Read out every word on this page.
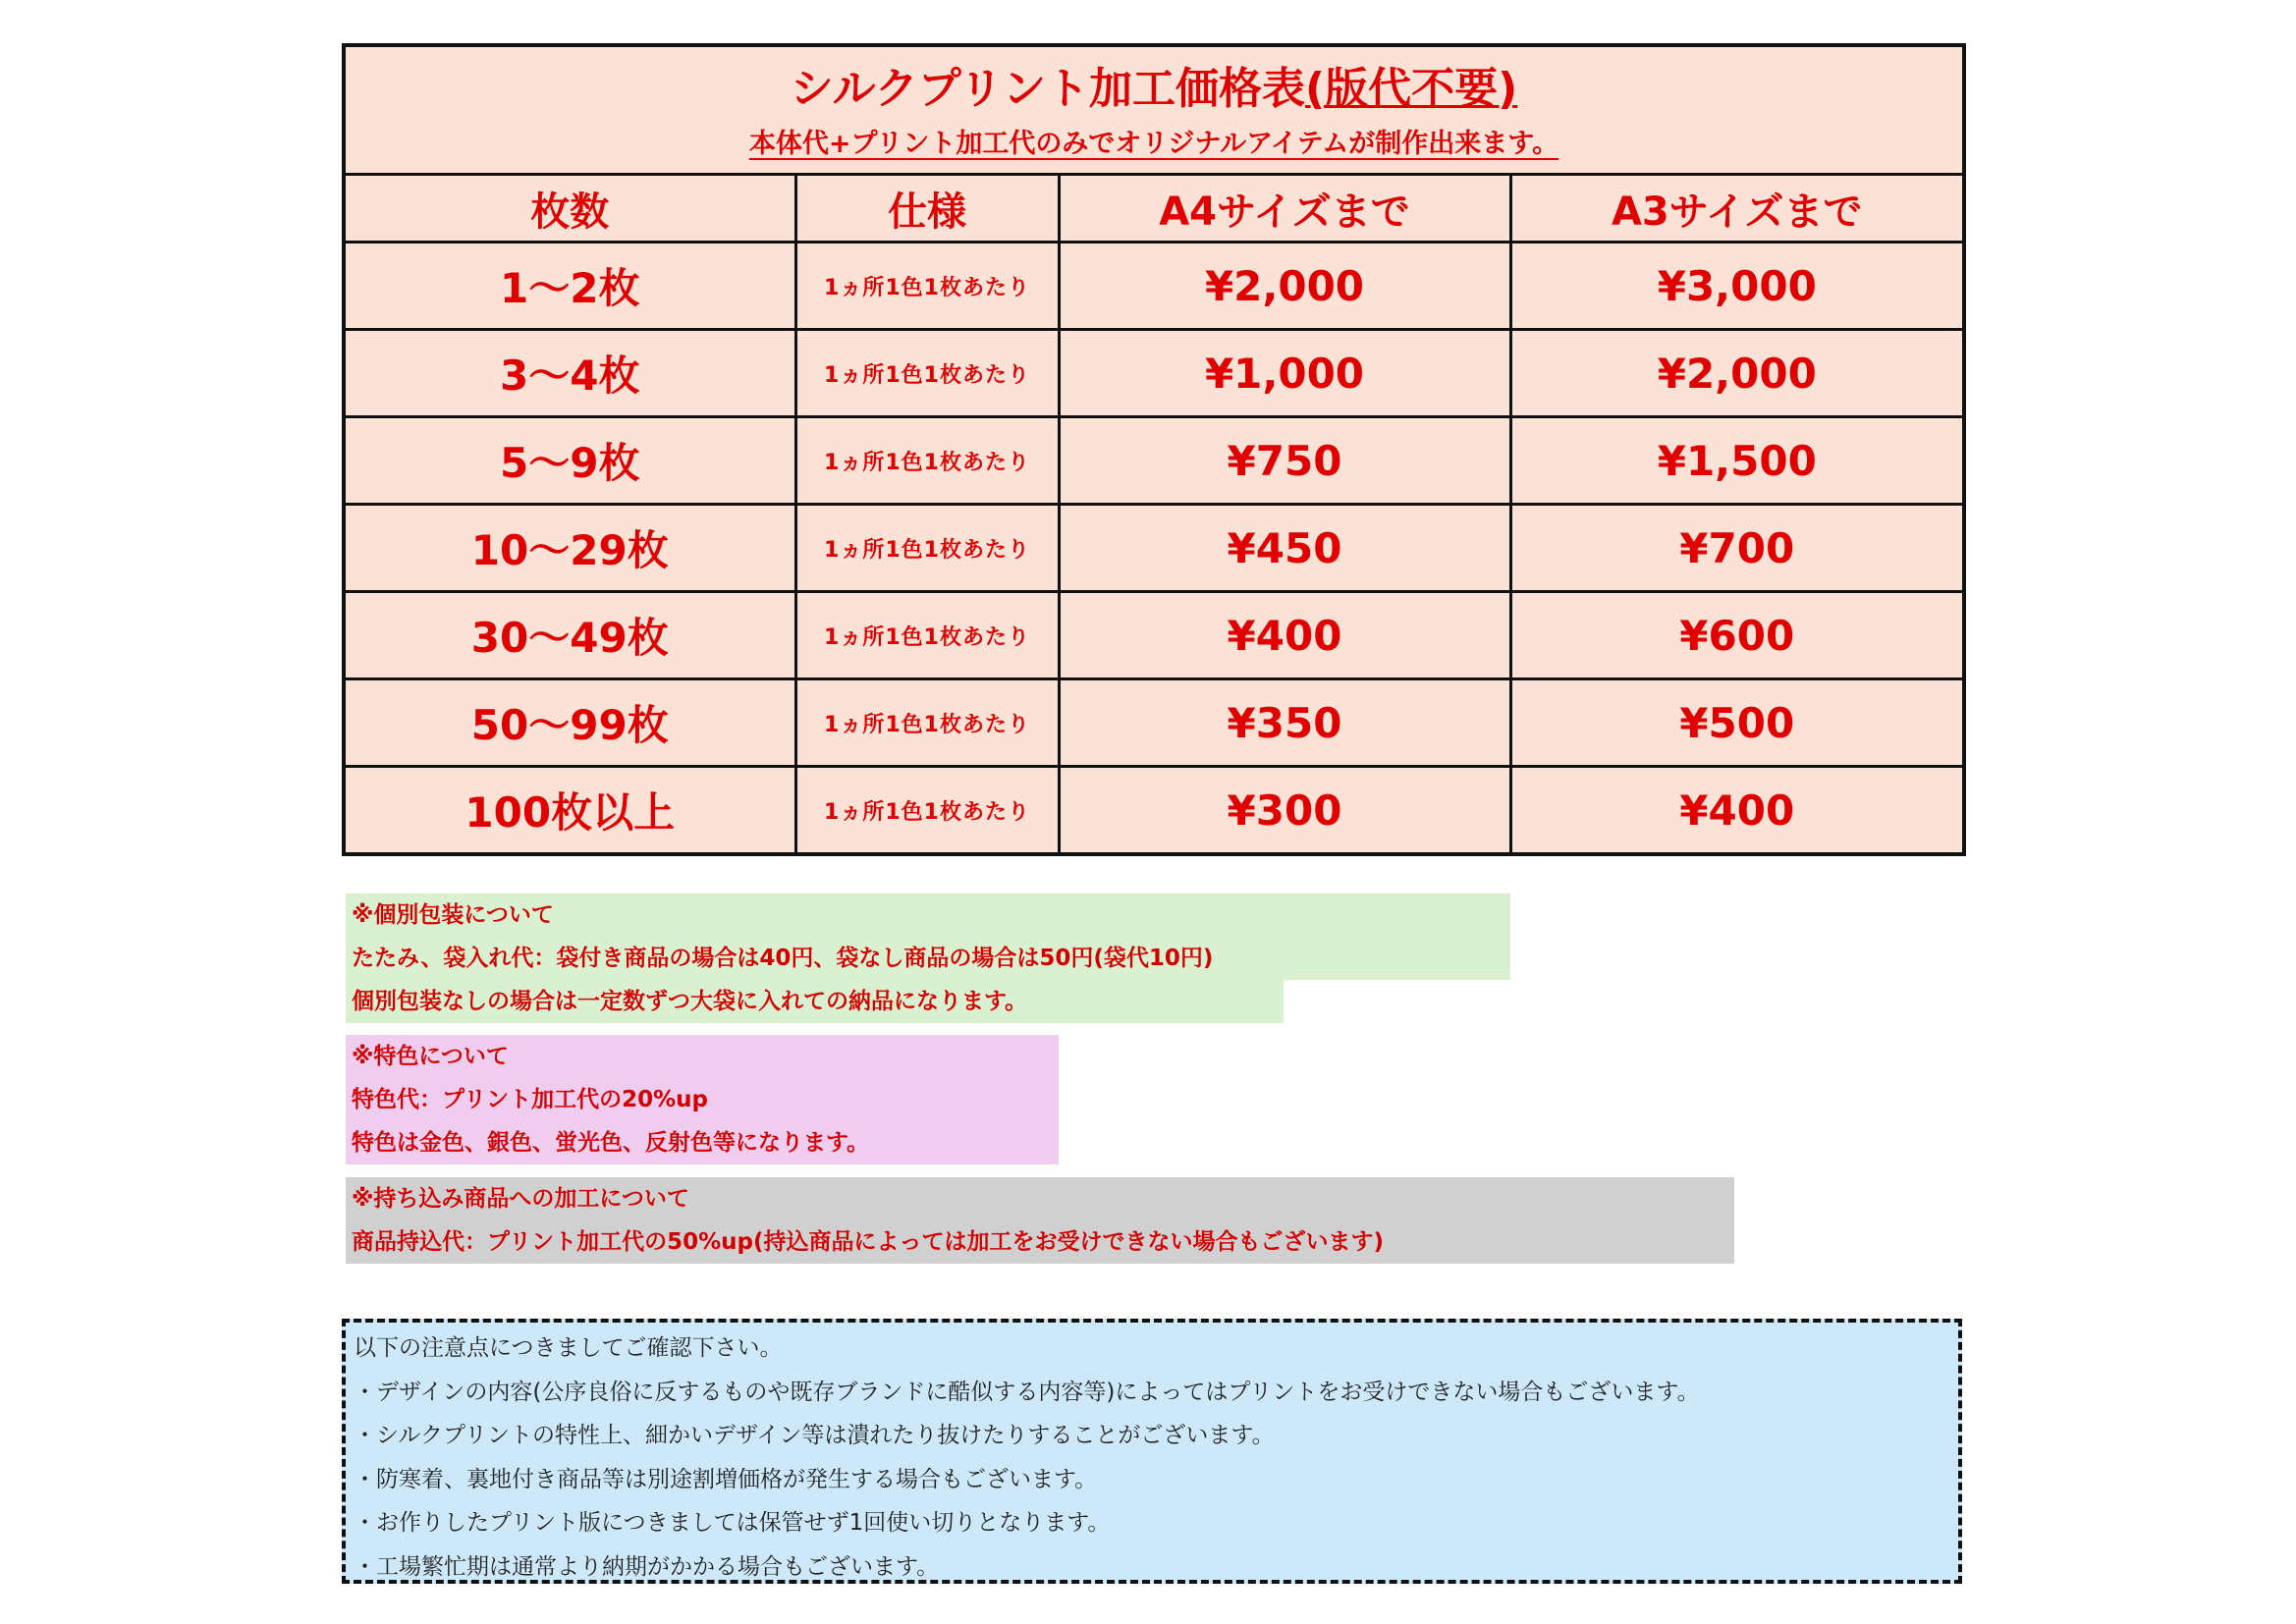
シルクプリント加工価格表(版代不要)
本体代+プリント加工代のみでオリジナルアイテムが制作出来ます。			
枚数	仕様	A4サイズまで	A3サイズまで
1～2枚	1ヵ所1色1枚あたり	¥2,000	¥3,000
3～4枚	1ヵ所1色1枚あたり	¥1,000	¥2,000
5～9枚	1ヵ所1色1枚あたり	¥750	¥1,500
10～29枚	1ヵ所1色1枚あたり	¥450	¥700
30～49枚	1ヵ所1色1枚あたり	¥400	¥600
50～99枚	1ヵ所1色1枚あたり	¥350	¥500
100枚以上	1ヵ所1色1枚あたり	¥300	¥400
※個別包装について
たたみ、袋入れ代：袋付き商品の場合は40円、袋なし商品の場合は50円(袋代10円)
個別包装なしの場合は一定数ずつ大袋に入れての納品になります。
※特色について
特色代：プリント加工代の20%up
特色は金色、銀色、蛍光色、反射色等になります。
※持ち込み商品への加工について
商品持込代：プリント加工代の50%up(持込商品によっては加工をお受けできない場合もございます)
以下の注意点につきましてご確認下さい。
・デザインの内容(公序良俗に反するものや既存ブランドに酷似する内容等)によってはプリントをお受けできない場合もございます。
・シルクプリントの特性上、細かいデザイン等は潰れたり抜けたりすることがございます。
・防寒着、裏地付き商品等は別途割増価格が発生する場合もございます。
・お作りしたプリント版につきましては保管せず1回使い切りとなります。
・工場繁忙期は通常より納期がかかる場合もございます。
